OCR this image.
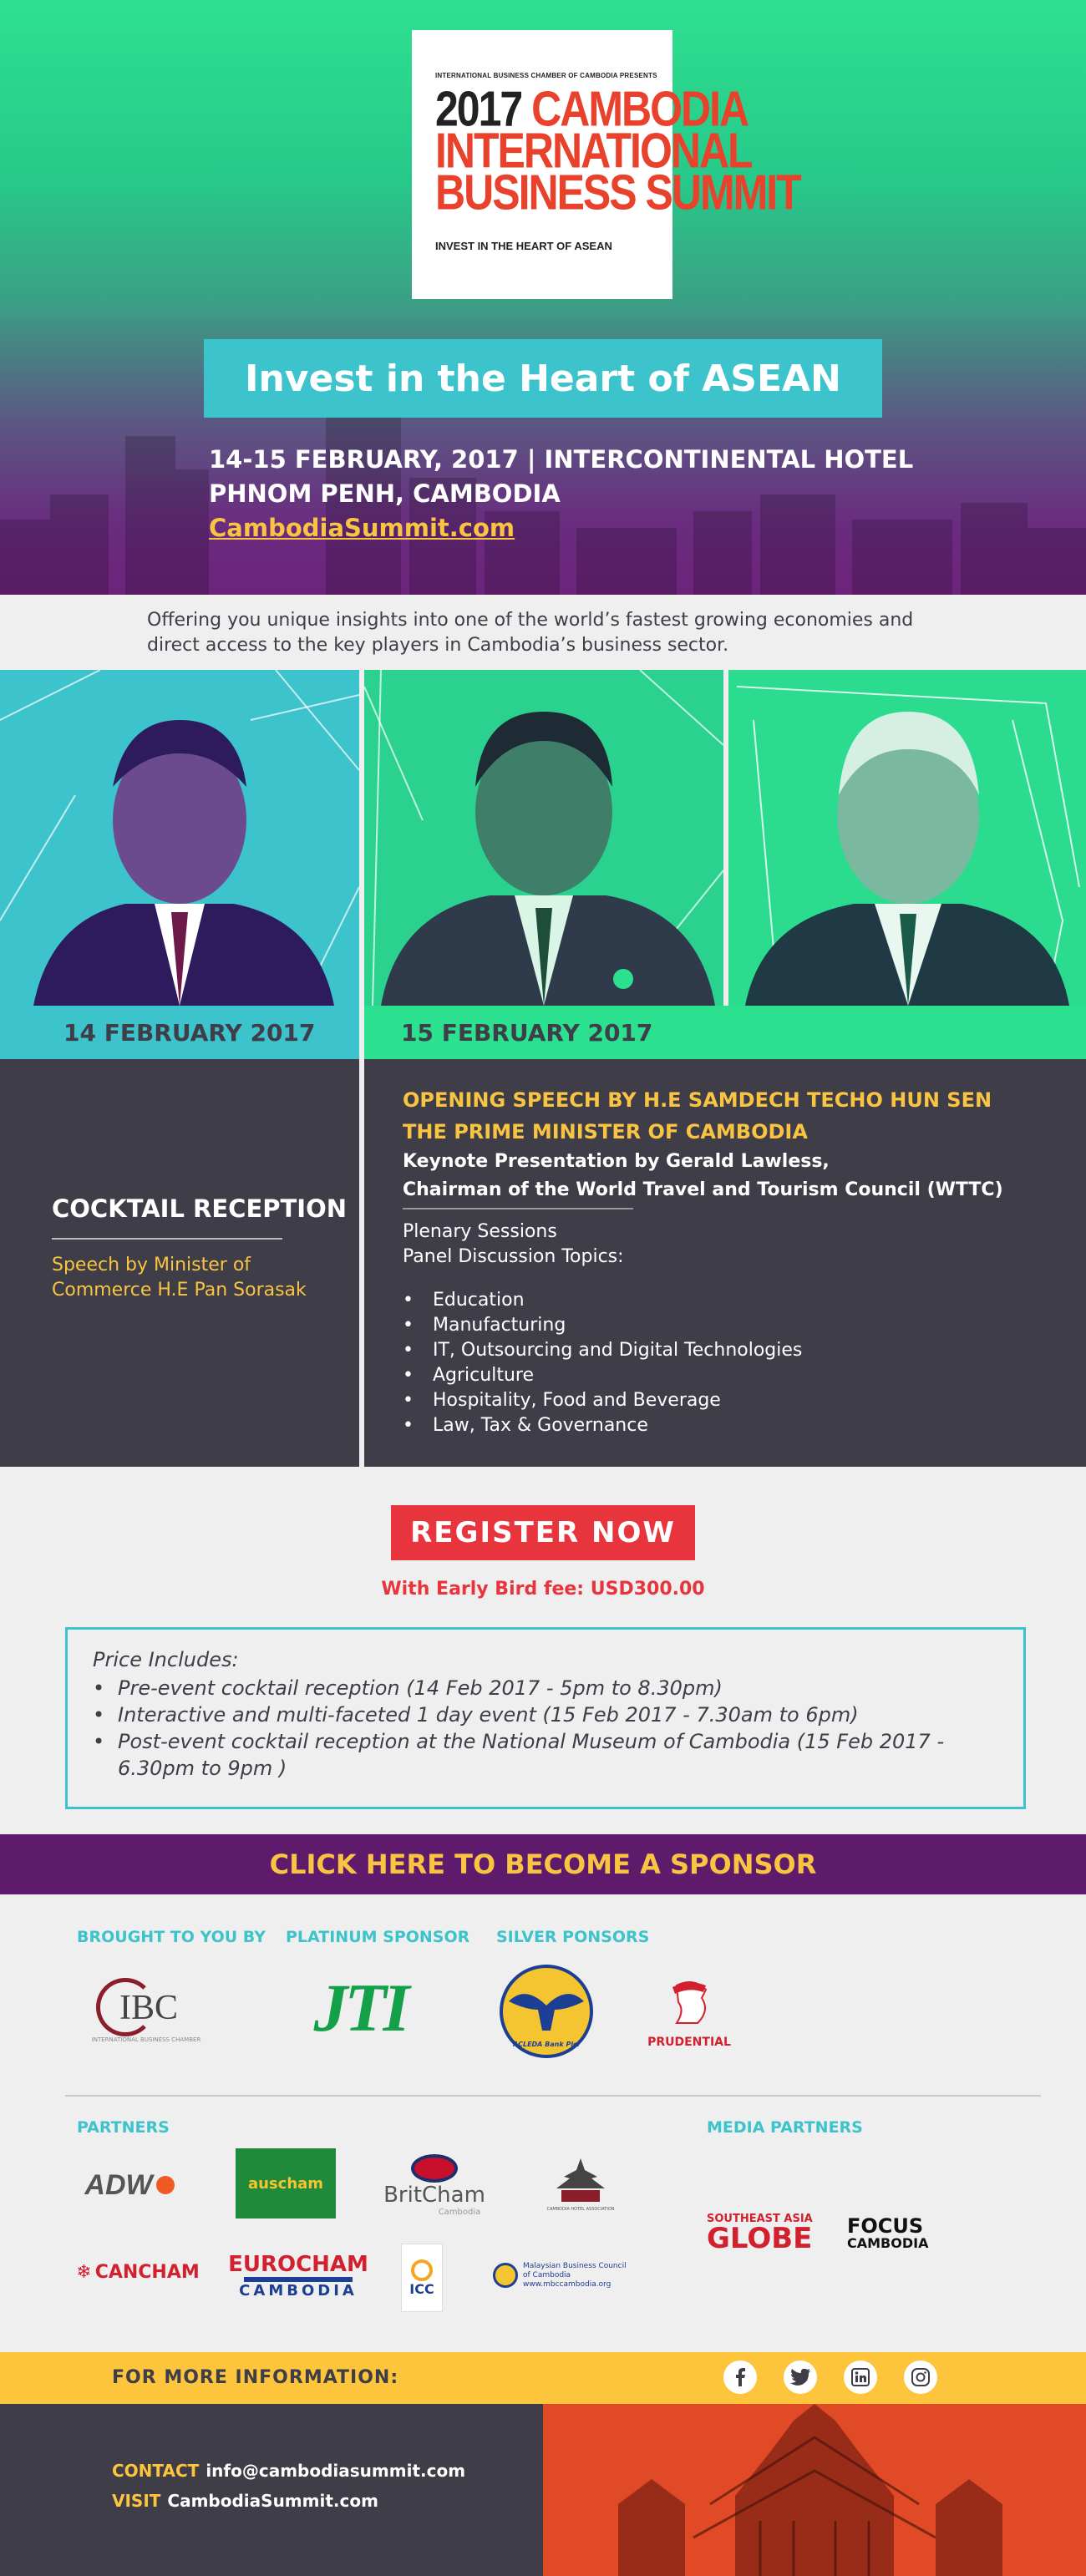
INTERNATIONAL BUSINESS CHAMBER OF CAMBODIA PRESENTS
2017 CAMBODIA
INTERNATIONAL
BUSINESS SUMMIT
INVEST IN THE HEART OF ASEAN
Invest in the Heart of ASEAN
14-15 FEBRUARY, 2017 | INTERCONTINENTAL HOTEL
PHNOM PENH, CAMBODIA
CambodiaSummit.com

Offering you unique insights into one of the world’s fastest growing economies and direct access to the key players in Cambodia’s business sector.

14 FEBRUARY 2017	15 FEBRUARY 2017
COCKTAIL RECEPTION
Speech by Minister of Commerce H.E Pan Sorasak
OPENING SPEECH BY H.E SAMDECH TECHO HUN SEN
THE PRIME MINISTER OF CAMBODIA
Keynote Presentation by Gerald Lawless,
Chairman of the World Travel and Tourism Council (WTTC)
Plenary Sessions
Panel Discussion Topics:
• Education
• Manufacturing
• IT, Outsourcing and Digital Technologies
• Agriculture
• Hospitality, Food and Beverage
• Law, Tax & Governance
REGISTER NOW
With Early Bird fee: USD300.00
Price Includes:
• Pre-event cocktail reception (14 Feb 2017 - 5pm to 8.30pm)
• Interactive and multi-faceted 1 day event (15 Feb 2017 - 7.30am to 6pm)
• Post-event cocktail reception at the National Museum of Cambodia (15 Feb 2017 - 6.30pm to 9pm )
CLICK HERE TO BECOME A SPONSOR
BROUGHT TO YOU BY PLATINUM SPONSOR SILVER PONSORS
IBC
INTERNATIONAL BUSINESS CHAMBER JTI	ACLEDA Bank Plc.	PRUDENTIAL
PARTNERS	MEDIA PARTNERS
ADW	auscham	BritCham
Cambodia	CAMBODIA HOTEL ASSOCIATION
❄ CANCHAM EUROCHAM
CAMBODIA	ICC
Malaysian Business Council of Cambodia
www.mbccambodia.org
SOUTHEAST ASIA
GLOBE FOCUS
CAMBODIA
FOR MORE INFORMATION:
CONTACT info@cambodiasummit.com
VISIT CambodiaSummit.com
